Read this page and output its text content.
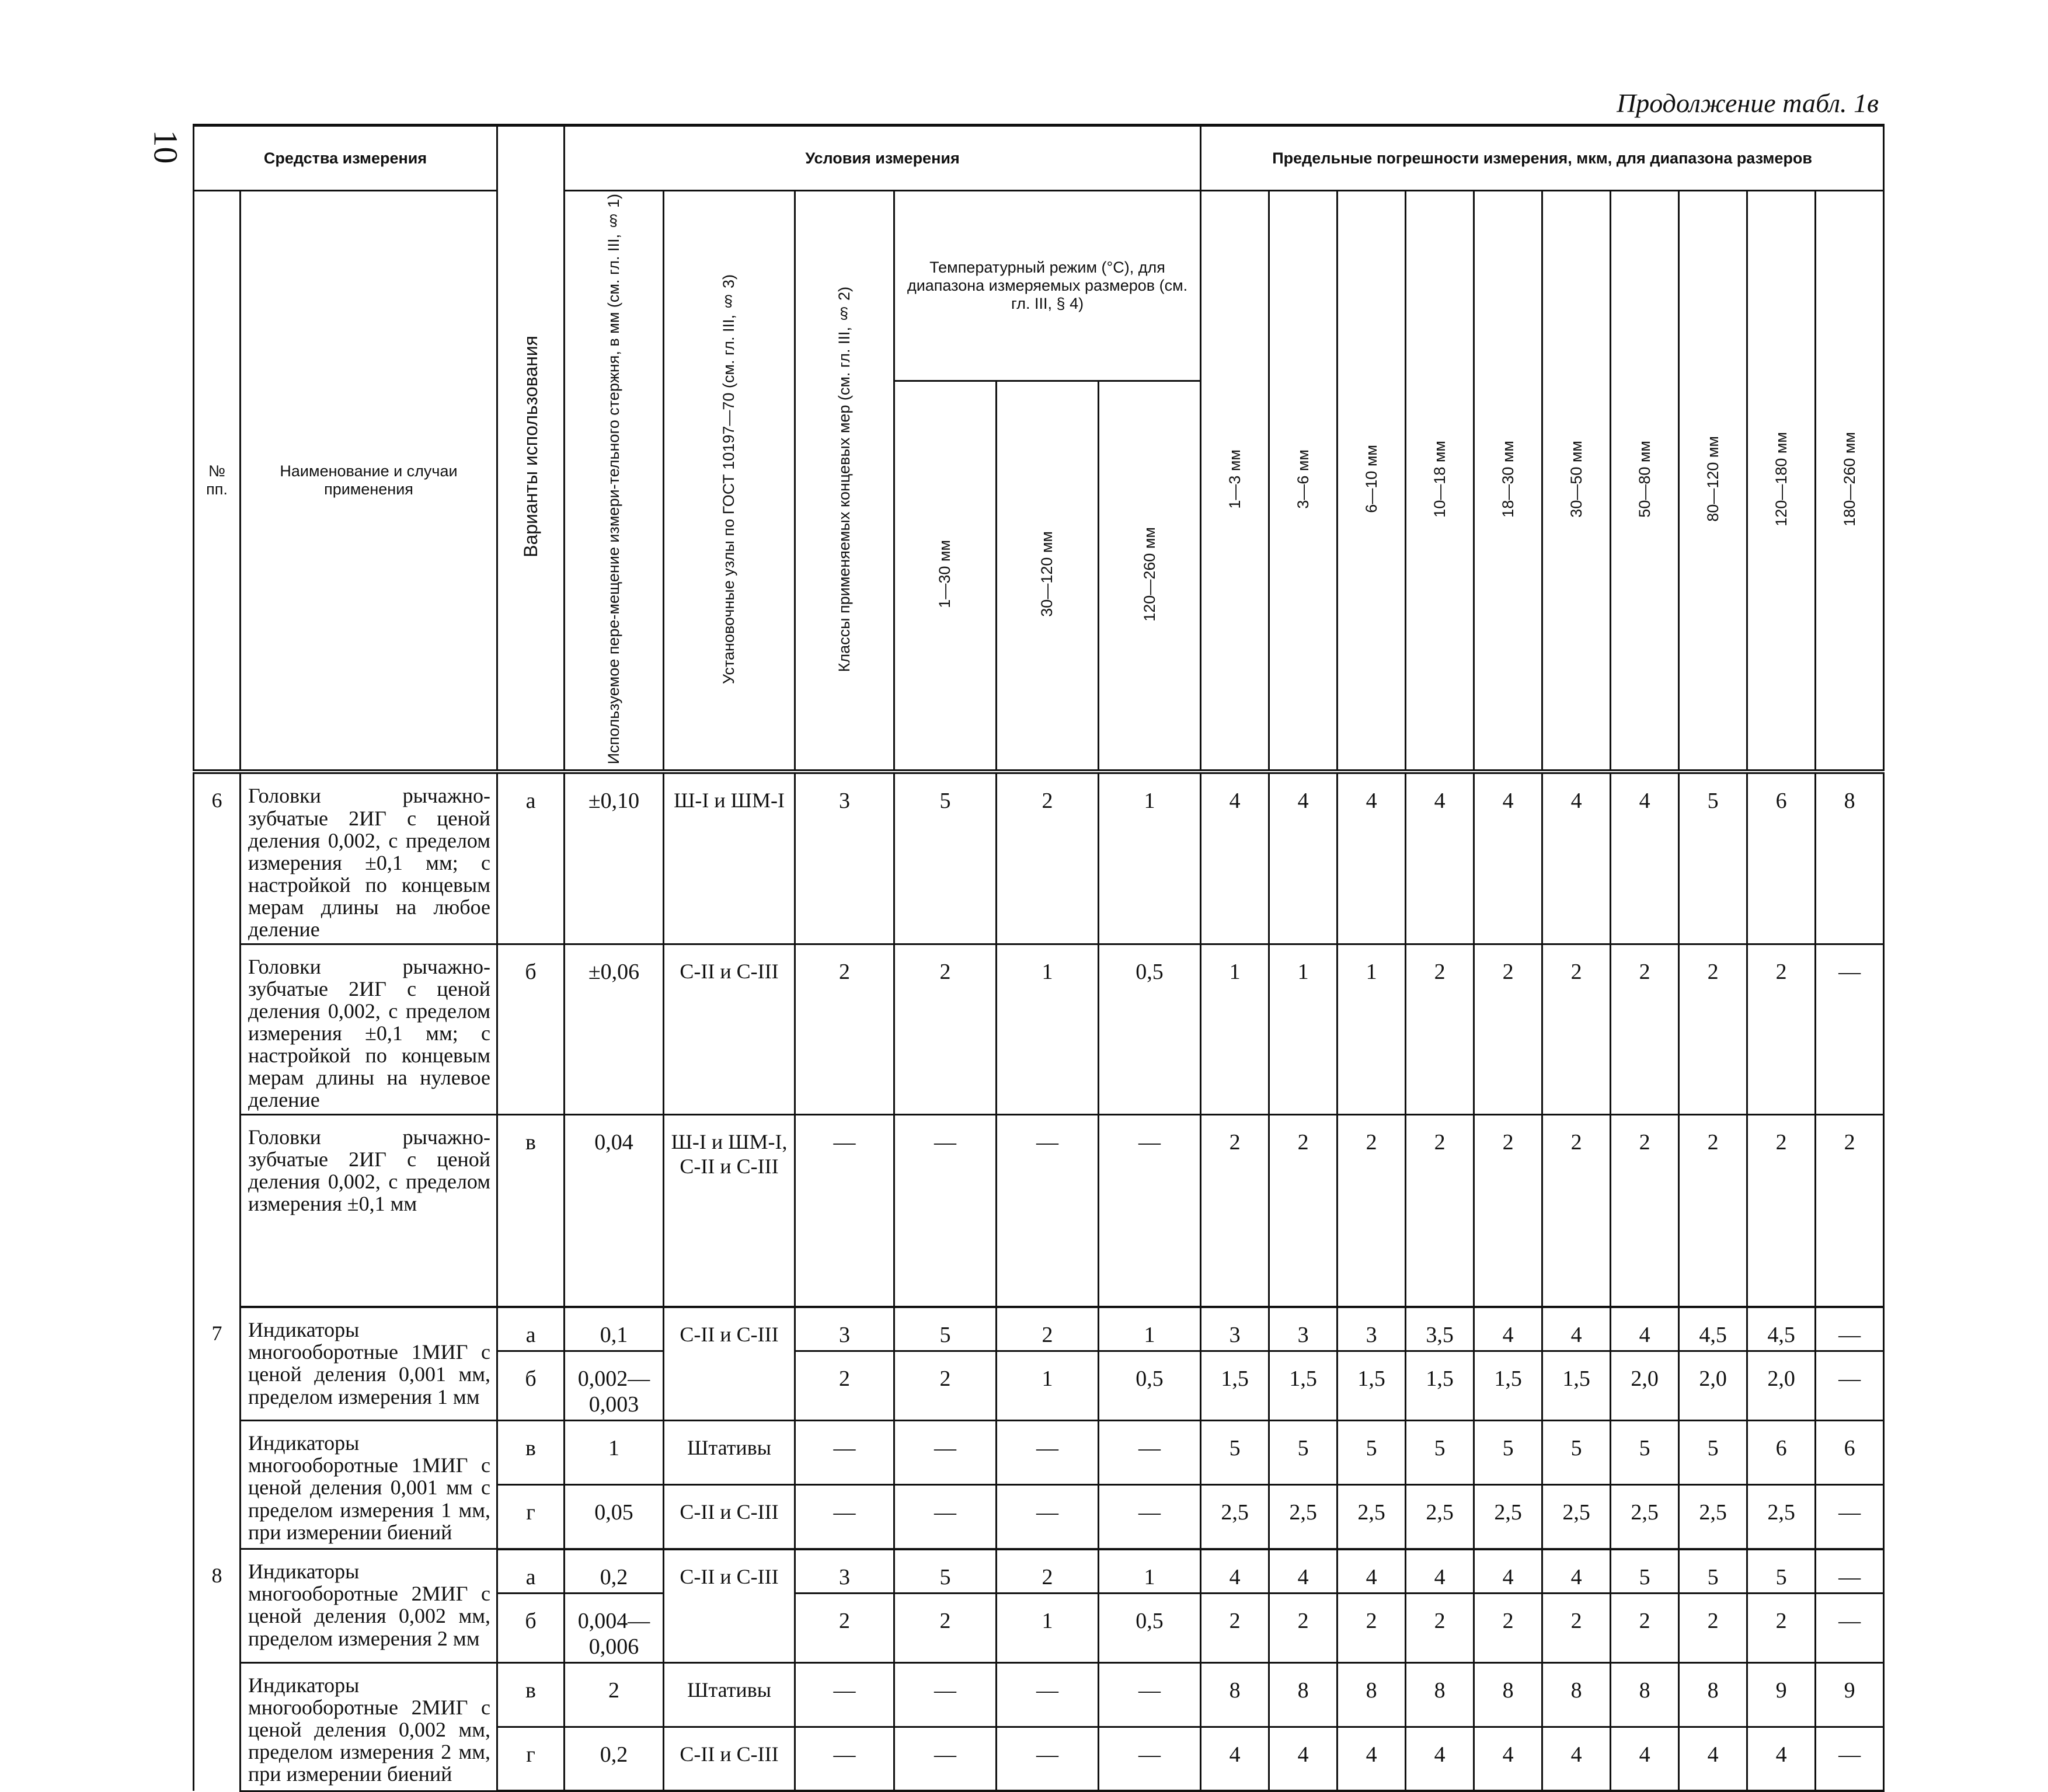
10
Продолжение табл. 1в
Средства измерения		Варианты использования	Условия измерения						Предельные погрешности измерения, мкм, для диапазона размеров									
№ пп.	Наименование и случаи применения		Используемое пере-мещение измери-тельного стержня, в мм (см. гл. III, § 1)	Установочные узлы по ГОСТ 10197—70 (см. гл. III, § 3)	Классы применяемых концевых мер (см. гл. III, § 2)	Температурный режим (°C), для диапазона измеряемых размеров (см. гл. III, § 4)			1—3 мм	3—6 мм	6—10 мм	10—18 мм	18—30 мм	30—50 мм	50—80 мм	80—120 мм	120—180 мм	180—260 мм
						1—30 мм	30—120 мм	120—260 мм										
6	Головки рычажно-зубчатые 2ИГ с ценой деления 0,002, с пределом измерения ±0,1 мм; с настройкой по концевым мерам длины на любое деление	а	±0,10	Ш-I и ШМ-I	3	5	2	1	4	4	4	4	4	4	4	5	6	8
	Головки рычажно-зубчатые 2ИГ с ценой деления 0,002, с пределом измерения ±0,1 мм; с настройкой по концевым мерам длины на нулевое деление	б	±0,06	С-II и С-III	2	2	1	0,5	1	1	1	2	2	2	2	2	2	—
	Головки рычажно-зубчатые 2ИГ с ценой деления 0,002, с пределом измерения ±0,1 мм	в	0,04	Ш-I и ШМ-I, С-II и С-III	—	—	—	—	2	2	2	2	2	2	2	2	2	2
7	Индикаторы многооборотные 1МИГ с ценой деления 0,001 мм, пределом измерения 1 мм	а	0,1	С-II и С-III	3	5	2	1	3	3	3	3,5	4	4	4	4,5	4,5	—
		б	0,002— 0,003		2	2	1	0,5	1,5	1,5	1,5	1,5	1,5	1,5	2,0	2,0	2,0	—
	Индикаторы многооборотные 1МИГ с ценой деления 0,001 мм с пределом измерения 1 мм, при измерении биений	в	1	Штативы	—	—	—	—	5	5	5	5	5	5	5	5	6	6
		г	0,05	С-II и С-III	—	—	—	—	2,5	2,5	2,5	2,5	2,5	2,5	2,5	2,5	2,5	—
8	Индикаторы многооборотные 2МИГ с ценой деления 0,002 мм, пределом измерения 2 мм	а	0,2	С-II и С-III	3	5	2	1	4	4	4	4	4	4	5	5	5	—
		б	0,004— 0,006		2	2	1	0,5	2	2	2	2	2	2	2	2	2	—
	Индикаторы многооборотные 2МИГ с ценой деления 0,002 мм, пределом измерения 2 мм, при измерении биений	в	2	Штативы	—	—	—	—	8	8	8	8	8	8	8	8	9	9
		г	0,2	С-II и С-III	—	—	—	—	4	4	4	4	4	4	4	4	4	—
